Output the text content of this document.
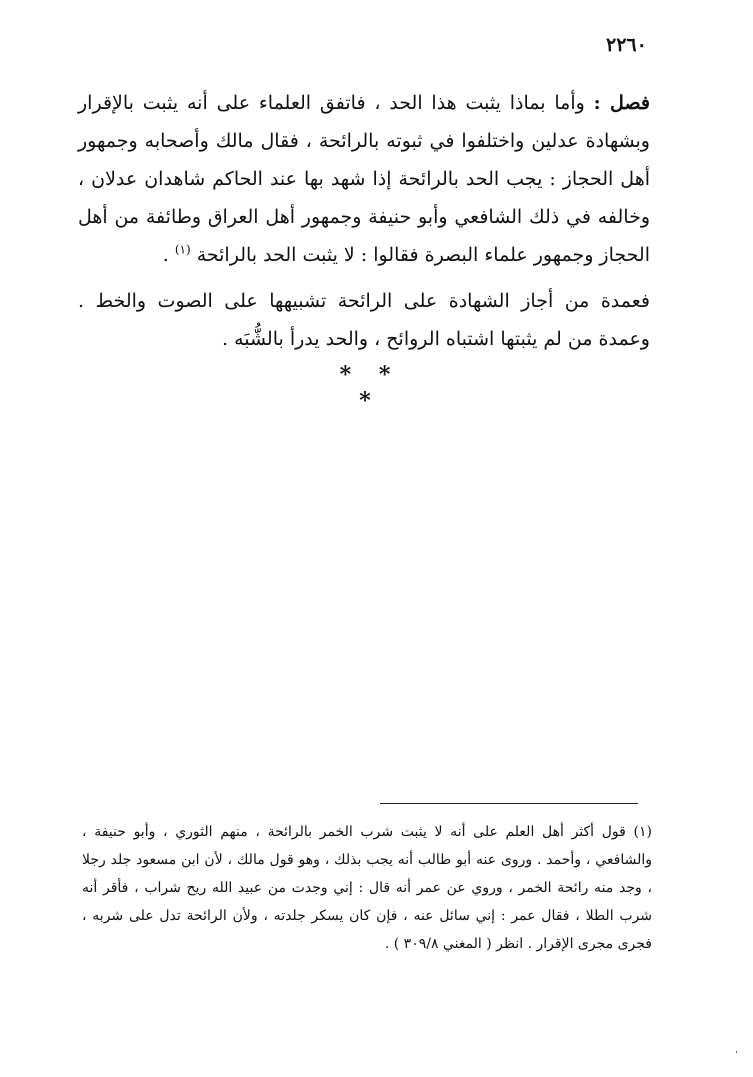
٢٢٦٠

فصل : وأما بماذا يثبت هذا الحد ، فاتفق العلماء على أنه يثبت بالإقرار وبشهادة عدلين واختلفوا في ثبوته بالرائحة ، فقال مالك وأصحابه وجمهور أهل الحجاز : يجب الحد بالرائحة إذا شهد بها عند الحاكم شاهدان عدلان ، وخالفه في ذلك الشافعي وأبو حنيفة وجمهور أهل العراق وطائفة من أهل الحجاز وجمهور علماء البصرة فقالوا : لا يثبت الحد بالرائحة $^{(١)}$ .

فعمدة من أجاز الشهادة على الرائحة تشبيهها على الصوت والخط . وعمدة من لم يثبتها اشتباه الروائح ، والحد يدرأ بالشُّبَه .

* * *

(١) قول أكثر أهل العلم على أنه لا يثبت شرب الخمر بالرائحة ، منهم الثوري ، وأبو حنيفة ، والشافعي ، وأحمد . وروى عنه أبو طالب أنه يجب بذلك ، وهو قول مالك ، لأن ابن مسعود جلد رجلا ، وجد منه رائحة الخمر ، وروي عن عمر أنه قال : إني وجدت من عبيد الله ريح شراب ، فأقر أنه شرب الطلا ، فقال عمر : إني سائل عنه ، فإن كان يسكر جلدته ، ولأن الرائحة تدل على شربه ، فجرى مجرى الإقرار . انظر ( المغني ٣٠٩/٨ ) .

،
